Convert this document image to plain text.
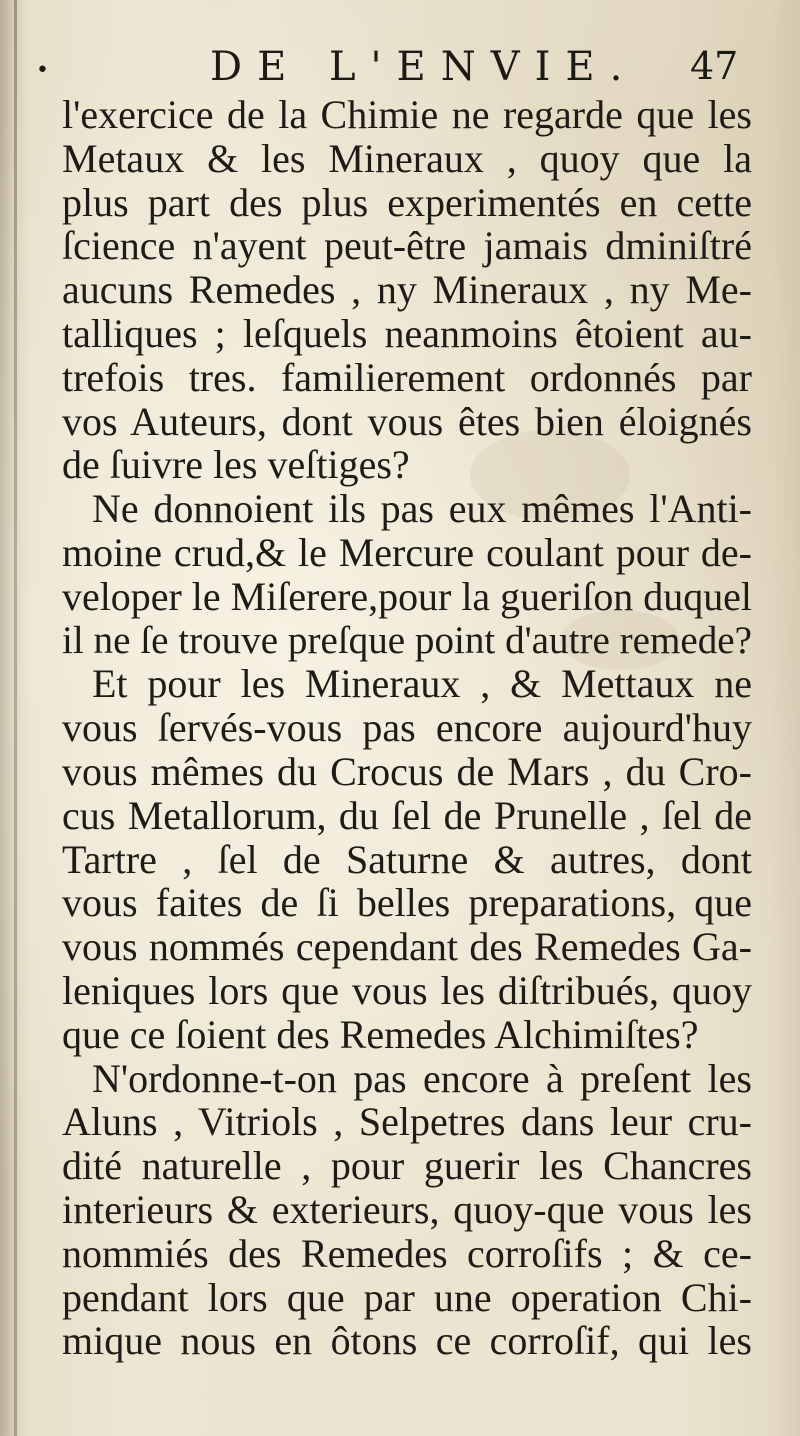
•	DE L'ENVIE. 47
l'exercice de la Chimie ne regarde que les
Metaux & les Mineraux , quoy que la
plus part des plus experimentés en cette
ſcience n'ayent peut-être jamais dminiſtré
aucuns Remedes , ny Mineraux , ny Me-
talliques ; leſquels neanmoins êtoient au-
trefois tres. familierement ordonnés par
vos Auteurs, dont vous êtes bien éloignés
de ſuivre les veſtiges?
Ne donnoient ils pas eux mêmes l'Anti-
moine crud,& le Mercure coulant pour de-
veloper le Miſerere,pour la gueriſon duquel
il ne ſe trouve preſque point d'autre remede?
Et pour les Mineraux , & Mettaux ne
vous ſervés-vous pas encore aujourd'huy
vous mêmes du Crocus de Mars , du Cro-
cus Metallorum, du ſel de Prunelle , ſel de
Tartre , ſel de Saturne & autres, dont
vous faites de ſi belles preparations, que
vous nommés cependant des Remedes Ga-
leniques lors que vous les diſtribués, quoy
que ce ſoient des Remedes Alchimiſtes?
N'ordonne-t-on pas encore à preſent les
Aluns , Vitriols , Selpetres dans leur cru-
dité naturelle , pour guerir les Chancres
interieurs & exterieurs, quoy-que vous les
nommiés des Remedes corroſifs ; & ce-
pendant lors que par une operation Chi-
mique nous en ôtons ce corroſif, qui les
